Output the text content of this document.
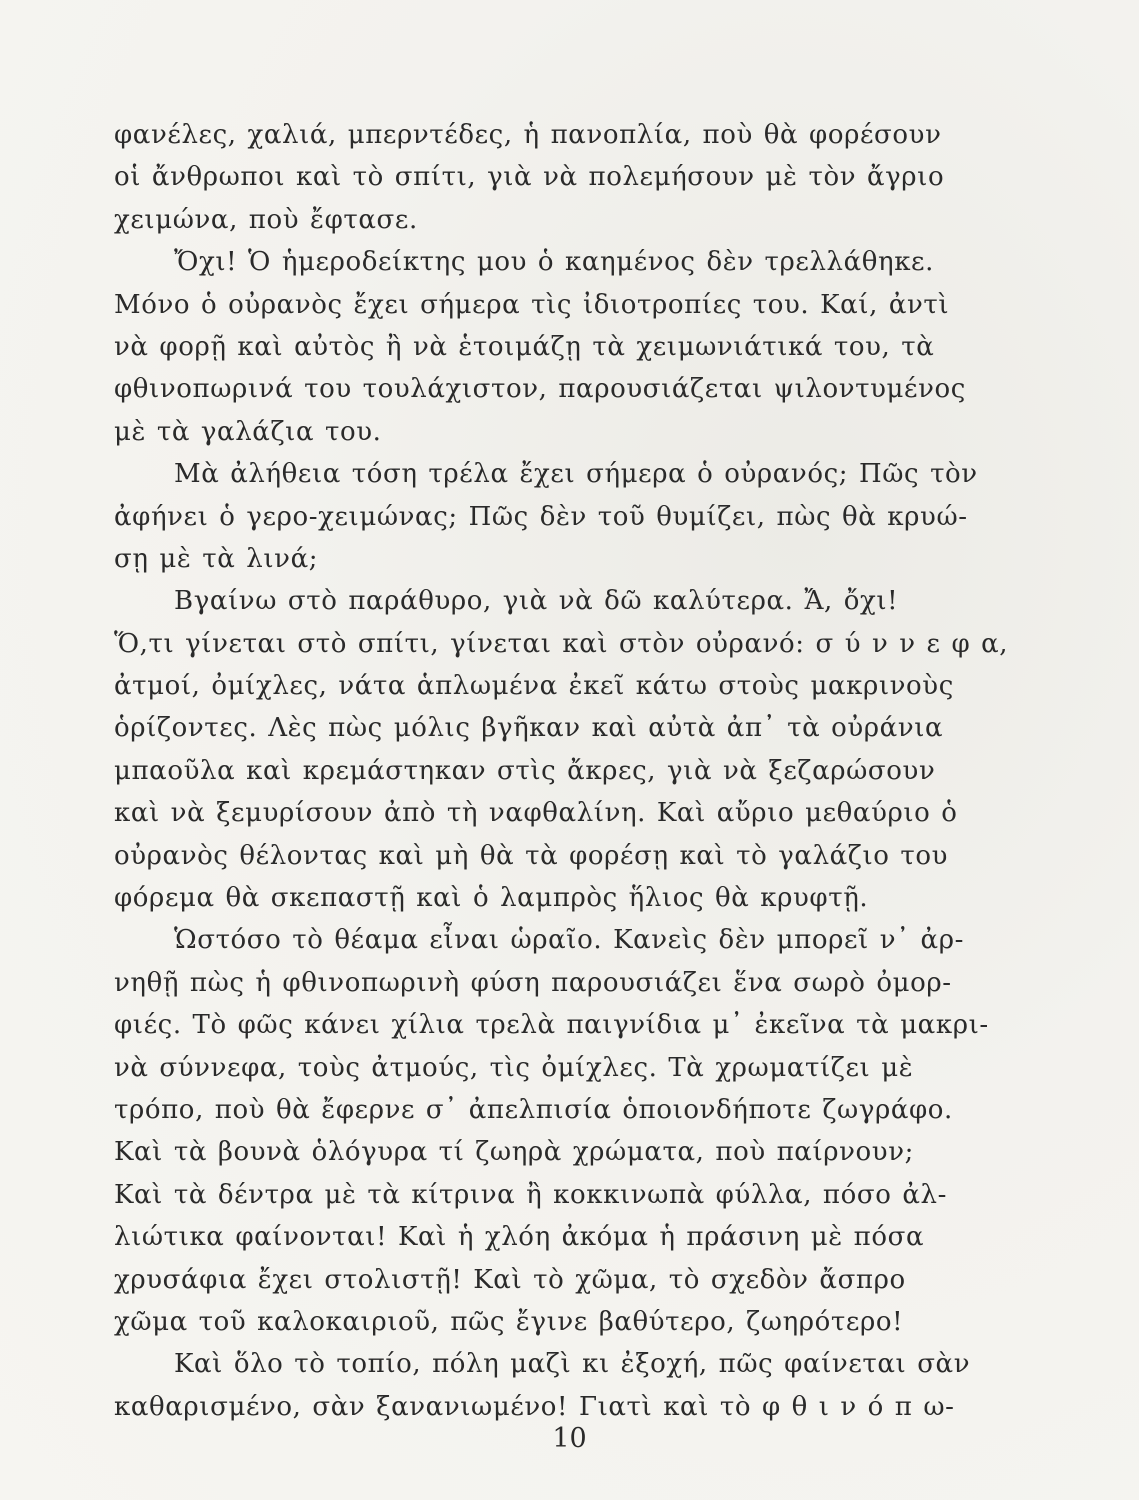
φανέλες, χαλιά, μπερντέδες, ἡ πανοπλία, ποὺ θὰ φορέσουν
οἱ ἄνθρωποι καὶ τὸ σπίτι, γιὰ νὰ πολεμήσουν μὲ τὸν ἄγριο
χειμώνα, ποὺ ἔφτασε.
Ὄχι! Ὁ ἡμεροδείκτης μου ὁ καημένος δὲν τρελλάθηκε.
Μόνο ὁ οὐρανὸς ἔχει σήμερα τὶς ἰδιοτροπίες του. Καί, ἀντὶ
νὰ φορῇ καὶ αὐτὸς ἢ νὰ ἑτοιμάζῃ τὰ χειμωνιάτικά του, τὰ
φθινοπωρινά του τουλάχιστον, παρουσιάζεται ψιλοντυμένος
μὲ τὰ γαλάζια του.
Μὰ ἀλήθεια τόση τρέλα ἔχει σήμερα ὁ οὐρανός; Πῶς τὸν
ἀφήνει ὁ γερο-χειμώνας; Πῶς δὲν τοῦ θυμίζει, πὼς θὰ κρυώ-
σῃ μὲ τὰ λινά;
Βγαίνω στὸ παράθυρο, γιὰ νὰ δῶ καλύτερα. Ἄ, ὄχι!
Ὅ,τι γίνεται στὸ σπίτι, γίνεται καὶ στὸν οὐρανό: σ ύ ν ν ε φ α,
ἀτμοί, ὀμίχλες, νάτα ἁπλωμένα ἐκεῖ κάτω στοὺς μακρινοὺς
ὁρίζοντες. Λὲς πὼς μόλις βγῆκαν καὶ αὐτὰ ἀπ᾽ τὰ οὐράνια
μπαοῦλα καὶ κρεμάστηκαν στὶς ἄκρες, γιὰ νὰ ξεζαρώσουν
καὶ νὰ ξεμυρίσουν ἀπὸ τὴ ναφθαλίνη. Καὶ αὔριο μεθαύριο ὁ
οὐρανὸς θέλοντας καὶ μὴ θὰ τὰ φορέσῃ καὶ τὸ γαλάζιο του
φόρεμα θὰ σκεπαστῇ καὶ ὁ λαμπρὸς ἥλιος θὰ κρυφτῇ.
Ὡστόσο τὸ θέαμα εἶναι ὡραῖο. Κανεὶς δὲν μπορεῖ ν᾽ ἀρ-
νηθῇ πὼς ἡ φθινοπωρινὴ φύση παρουσιάζει ἕνα σωρὸ ὀμορ-
φιές. Τὸ φῶς κάνει χίλια τρελὰ παιγνίδια μ᾽ ἐκεῖνα τὰ μακρι-
νὰ σύννεφα, τοὺς ἀτμούς, τὶς ὀμίχλες. Τὰ χρωματίζει μὲ
τρόπο, ποὺ θὰ ἔφερνε σ᾽ ἀπελπισία ὁποιονδήποτε ζωγράφο.
Καὶ τὰ βουνὰ ὁλόγυρα τί ζωηρὰ χρώματα, ποὺ παίρνουν;
Καὶ τὰ δέντρα μὲ τὰ κίτρινα ἢ κοκκινωπὰ φύλλα, πόσο ἀλ-
λιώτικα φαίνονται! Καὶ ἡ χλόη ἀκόμα ἡ πράσινη μὲ πόσα
χρυσάφια ἔχει στολιστῇ! Καὶ τὸ χῶμα, τὸ σχεδὸν ἄσπρο
χῶμα τοῦ καλοκαιριοῦ, πῶς ἔγινε βαθύτερο, ζωηρότερο!
Καὶ ὅλο τὸ τοπίο, πόλη μαζὶ κι ἐξοχή, πῶς φαίνεται σὰν
καθαρισμένο, σὰν ξανανιωμένο! Γιατὶ καὶ τὸ φ θ ι ν ό π ω-
10
